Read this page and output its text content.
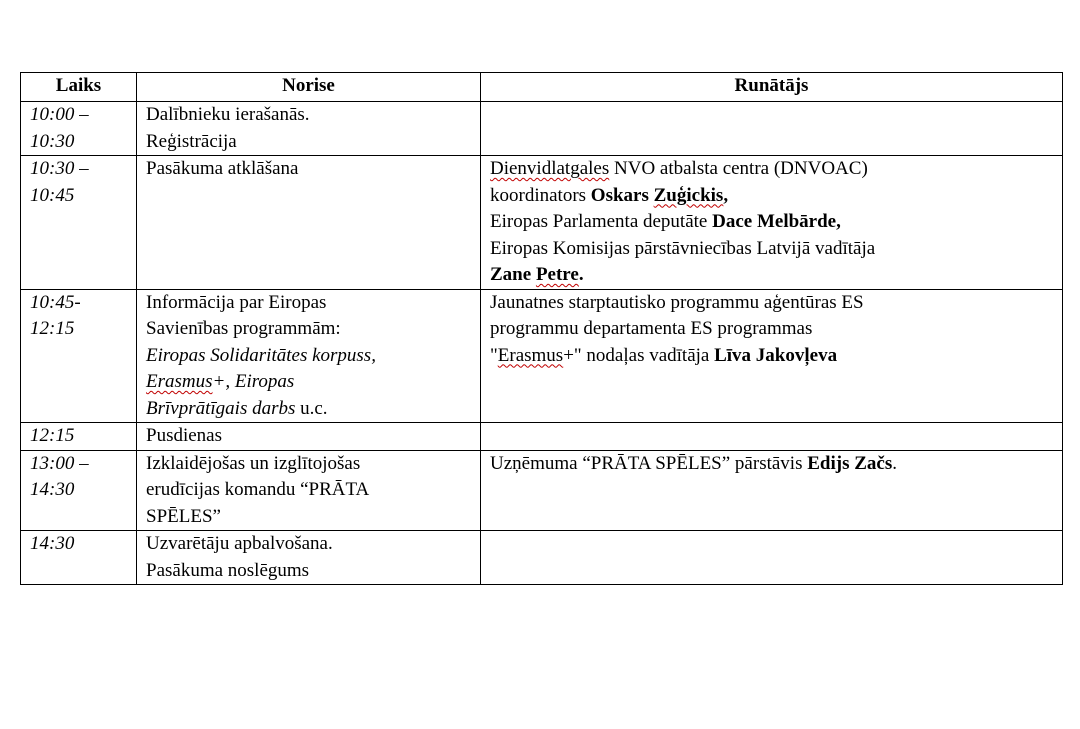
Laiks	Norise	Runātājs

10:00 –
10:30	Dalībnieku ierašanās.
Reģistrācija	

10:30 –
10:45	Pasākuma atklāšana	Dienvidlatgales NVO atbalsta centra (DNVOAC)
koordinators Oskars Zuģickis,
Eiropas Parlamenta deputāte Dace Melbārde,
Eiropas Komisijas pārstāvniecības Latvijā vadītāja
Zane Petre.

10:45-
12:15	Informācija par Eiropas
Savienības programmām:
Eiropas Solidaritātes korpuss,
Erasmus+, Eiropas
Brīvprātīgais darbs u.c.	Jaunatnes starptautisko programmu aģentūras ES
programmu departamenta ES programmas
"Erasmus+" nodaļas vadītāja Līva Jakovļeva

12:15	Pusdienas	

13:00 –
14:30	Izklaidējošas un izglītojošas
erudīcijas komandu “PRĀTA
SPĒLES”	Uzņēmuma “PRĀTA SPĒLES” pārstāvis Edijs Začs.

14:30	Uzvarētāju apbalvošana.
Pasākuma noslēgums	
